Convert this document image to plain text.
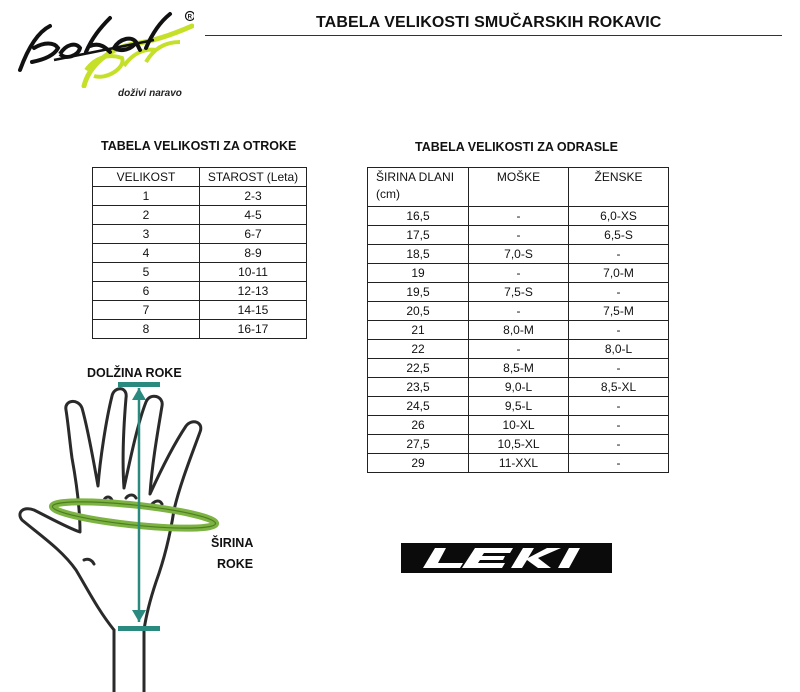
R
doživi naravo
TABELA VELIKOSTI SMUČARSKIH ROKAVIC
TABELA VELIKOSTI ZA OTROKE
VELIKOST	STAROST (Leta)
1	2-3
2	4-5
3	6-7
4	8-9
5	10-11
6	12-13
7	14-15
8	16-17
TABELA VELIKOSTI ZA ODRASLE
ŠIRINA DLANI
(cm)	MOŠKE	ŽENSKE
16,5	-	6,0-XS
17,5	-	6,5-S
18,5	7,0-S	-
19	-	7,0-M
19,5	7,5-S	-
20,5	-	7,5-M
21	8,0-M	-
22	-	8,0-L
22,5	8,5-M	-
23,5	9,0-L	8,5-XL
24,5	9,5-L	-
26	10-XL	-
27,5	10,5-XL	-
29	11-XXL	-
DOLŽINA ROKE
ŠIRINA
ROKE
LEKI
